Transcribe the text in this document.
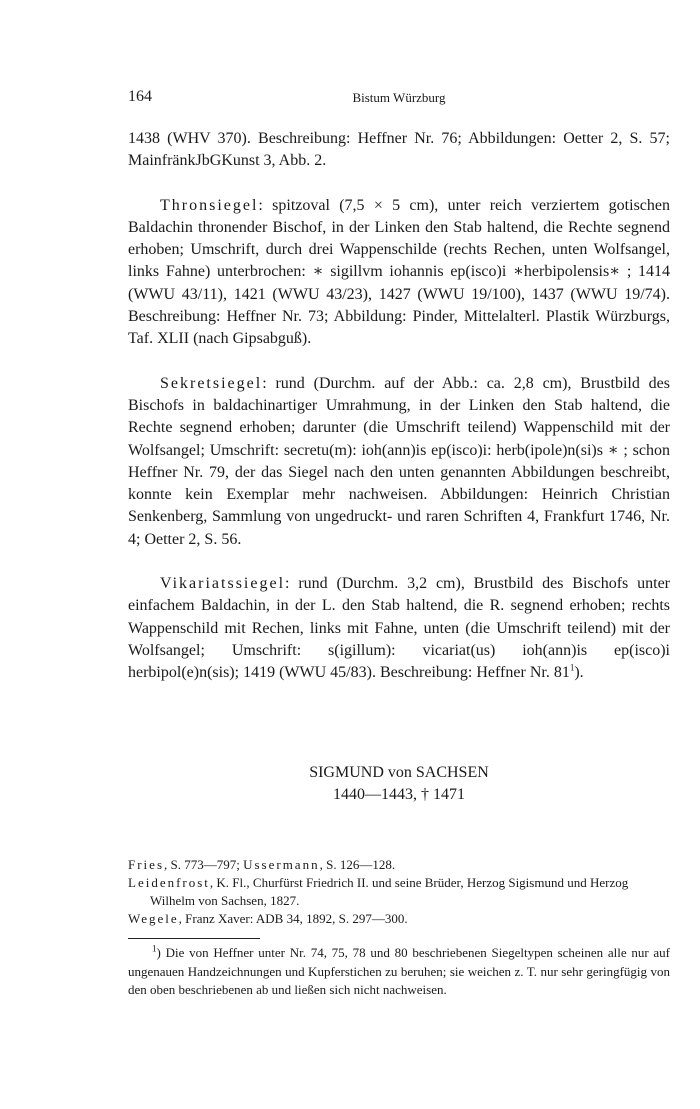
164	Bistum Würzburg

1438 (WHV 370). Beschreibung: Heffner Nr. 76; Abbildungen: Oetter 2, S. 57; MainfränkJbGKunst 3, Abb. 2.

Thronsiegel: spitzoval (7,5 × 5 cm), unter reich verziertem gotischen Baldachin thronender Bischof, in der Linken den Stab haltend, die Rechte segnend erhoben; Umschrift, durch drei Wappenschilde (rechts Rechen, unten Wolfsangel, links Fahne) unterbrochen: ∗ sigillvm iohannis ep(isco)i ∗herbipolensis∗ ; 1414 (WWU 43/11), 1421 (WWU 43/23), 1427 (WWU 19/100), 1437 (WWU 19/74). Beschreibung: Heffner Nr. 73; Abbildung: Pinder, Mittelalterl. Plastik Würzburgs, Taf. XLII (nach Gipsabguß).

Sekretsiegel: rund (Durchm. auf der Abb.: ca. 2,8 cm), Brustbild des Bischofs in baldachinartiger Umrahmung, in der Linken den Stab haltend, die Rechte segnend erhoben; darunter (die Umschrift teilend) Wappenschild mit der Wolfsangel; Umschrift: secretu(m): ioh(ann)is ep(isco)i: herb(ipole)n(si)s ∗ ; schon Heffner Nr. 79, der das Siegel nach den unten genannten Abbildungen beschreibt, konnte kein Exemplar mehr nachweisen. Abbildungen: Heinrich Christian Senkenberg, Sammlung von ungedruckt- und raren Schriften 4, Frankfurt 1746, Nr. 4; Oetter 2, S. 56.

Vikariatssiegel: rund (Durchm. 3,2 cm), Brustbild des Bischofs unter einfachem Baldachin, in der L. den Stab haltend, die R. segnend erhoben; rechts Wappenschild mit Rechen, links mit Fahne, unten (die Umschrift teilend) mit der Wolfsangel; Umschrift: s(igillum): vicariat(us) ioh(ann)is ep(isco)i herbipol(e)n(sis); 1419 (WWU 45/83). Beschreibung: Heffner Nr. $81^1$).

SIGMUND von SACHSEN
1440—1443, † 1471
Fries, S. 773—797; Ussermann, S. 126—128.
Leidenfrost, K. Fl., Churfürst Friedrich II. und seine Brüder, Herzog Sigismund und Herzog Wilhelm von Sachsen, 1827.
Wegele, Franz Xaver: ADB 34, 1892, S. 297—300.
$^1$) Die von Heffner unter Nr. 74, 75, 78 und 80 beschriebenen Siegeltypen scheinen alle nur auf ungenauen Handzeichnungen und Kupferstichen zu beruhen; sie weichen z. T. nur sehr geringfügig von den oben beschriebenen ab und ließen sich nicht nachweisen.
